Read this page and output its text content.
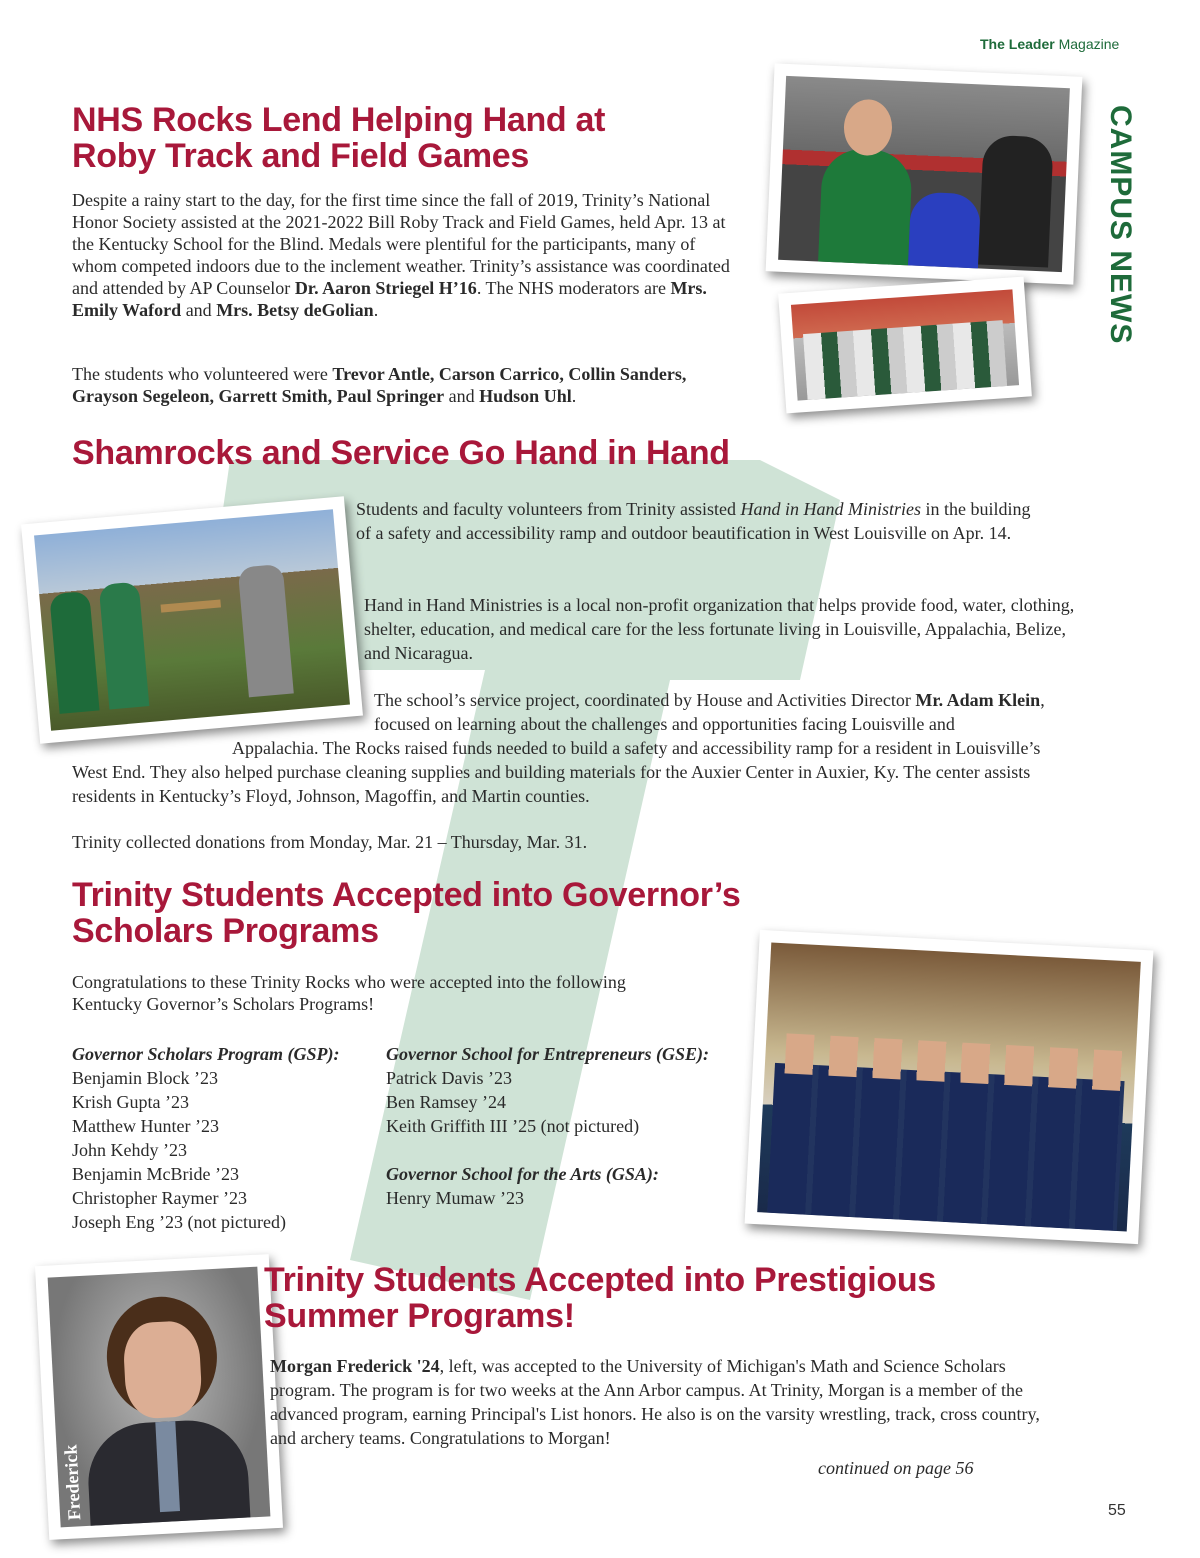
The Leader Magazine
CAMPUS NEWS
NHS Rocks Lend Helping Hand at
Roby Track and Field Games

Despite a rainy start to the day, for the first time since the fall of 2019, Trinity’s National Honor Society assisted at the 2021-2022 Bill Roby Track and Field Games, held Apr. 13 at the Kentucky School for the Blind. Medals were plentiful for the participants, many of whom competed indoors due to the inclement weather. Trinity’s assistance was coordinated and attended by AP Counselor Dr. Aaron Striegel H’16. The NHS moderators are Mrs. Emily Waford and Mrs. Betsy deGolian.

The students who volunteered were Trevor Antle, Carson Carrico, Collin Sanders, Grayson Segeleon, Garrett Smith, Paul Springer and Hudson Uhl.

Shamrocks and Service Go Hand in Hand

Students and faculty volunteers from Trinity assisted Hand in Hand Ministries in the building of a safety and accessibility ramp and outdoor beautification in West Louisville on Apr. 14.

Hand in Hand Ministries is a local non-profit organization that helps provide food, water, clothing, shelter, education, and medical care for the less fortunate living in Louisville, Appalachia, Belize, and Nicaragua.

The school’s service project, coordinated by House and Activities Director Mr. Adam Klein, focused on learning about the challenges and opportunities facing Louisville and

Appalachia. The Rocks raised funds needed to build a safety and accessibility ramp for a resident in Louisville’s West End. They also helped purchase cleaning supplies and building materials for the Auxier Center in Auxier, Ky. The center assists residents in Kentucky’s Floyd, Johnson, Magoffin, and Martin counties.

Trinity collected donations from Monday, Mar. 21 – Thursday, Mar. 31.

Trinity Students Accepted into Governor’s
Scholars Programs

Congratulations to these Trinity Rocks who were accepted into the following Kentucky Governor’s Scholars Programs!

Governor Scholars Program (GSP):
Benjamin Block ’23
Krish Gupta ’23
Matthew Hunter ’23
John Kehdy ’23
Benjamin McBride ’23
Christopher Raymer ’23
Joseph Eng ’23 (not pictured)
Governor School for Entrepreneurs (GSE):
Patrick Davis ’23
Ben Ramsey ’24
Keith Griffith III ’25 (not pictured)
Governor School for the Arts (GSA):
Henry Mumaw ’23
Frederick
Trinity Students Accepted into Prestigious
Summer Programs!

Morgan Frederick '24, left, was accepted to the University of Michigan's Math and Science Scholars program. The program is for two weeks at the Ann Arbor campus. At Trinity, Morgan is a member of the advanced program, earning Principal's List honors. He also is on the varsity wrestling, track, cross country, and archery teams. Congratulations to Morgan!

continued on page 56

55
